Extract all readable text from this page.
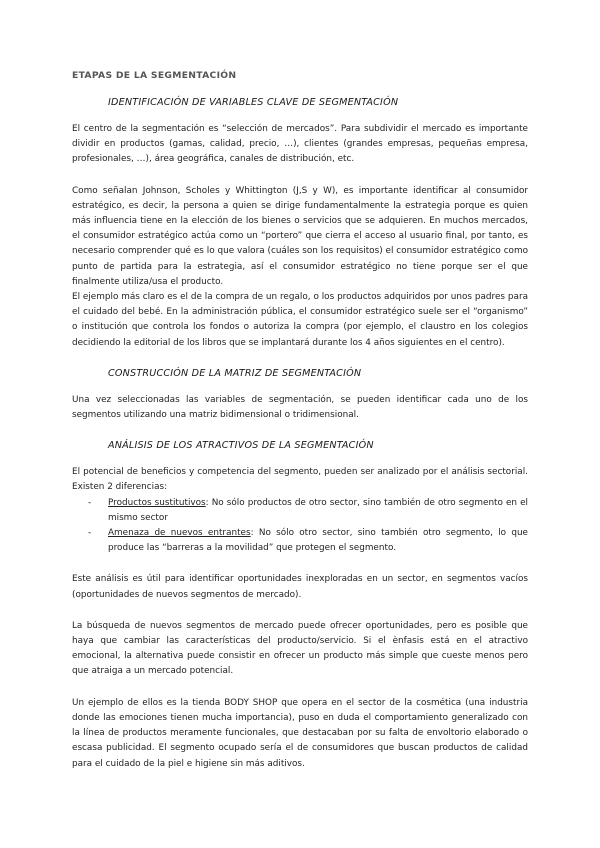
ETAPAS DE LA SEGMENTACIÓN
IDENTIFICACIÓN DE VARIABLES CLAVE DE SEGMENTACIÓN

El centro de la segmentación es “selección de mercados”. Para subdividir el mercado es importante dividir en productos (gamas, calidad, precio, …), clientes (grandes empresas, pequeñas empresa, profesionales, …), área geográfica, canales de distribución, etc.

Como señalan Johnson, Scholes y Whittington (J,S y W), es importante identificar al consumidor estratégico, es decir, la persona a quien se dirige fundamentalmente la estrategia porque es quien más influencia tiene en la elección de los bienes o servicios que se adquieren. En muchos mercados, el consumidor estratégico actúa como un “portero” que cierra el acceso al usuario final, por tanto, es necesario comprender qué es lo que valora (cuáles son los requisitos) el consumidor estratégico como punto de partida para la estrategia, así el consumidor estratégico no tiene porque ser el que finalmente utiliza/usa el producto.

El ejemplo más claro es el de la compra de un regalo, o los productos adquiridos por unos padres para el cuidado del bebé. En la administración pública, el consumidor estratégico suele ser el “organismo” o institución que controla los fondos o autoriza la compra (por ejemplo, el claustro en los colegios decidiendo la editorial de los libros que se implantará durante los 4 años siguientes en el centro).

CONSTRUCCIÓN DE LA MATRIZ DE SEGMENTACIÓN

Una vez seleccionadas las variables de segmentación, se pueden identificar cada uno de los segmentos utilizando una matriz bidimensional o tridimensional.

ANÁLISIS DE LOS ATRACTIVOS DE LA SEGMENTACIÓN

El potencial de beneficios y competencia del segmento, pueden ser analizado por el análisis sectorial. Existen 2 diferencias:

- Productos sustitutivos: No sólo productos de otro sector, sino también de otro segmento en el mismo sector
- Amenaza de nuevos entrantes: No sólo otro sector, sino también otro segmento, lo que produce las “barreras a la movilidad” que protegen el segmento.

Este análisis es útil para identificar oportunidades inexploradas en un sector, en segmentos vacíos (oportunidades de nuevos segmentos de mercado).

La búsqueda de nuevos segmentos de mercado puede ofrecer oportunidades, pero es posible que haya que cambiar las características del producto/servicio. Si el ènfasis está en el atractivo emocional, la alternativa puede consistir en ofrecer un producto más simple que cueste menos pero que atraiga a un mercado potencial.

Un ejemplo de ellos es la tienda BODY SHOP que opera en el sector de la cosmética (una industria donde las emociones tienen mucha importancia), puso en duda el comportamiento generalizado con la línea de productos meramente funcionales, que destacaban por su falta de envoltorio elaborado o escasa publicidad. El segmento ocupado sería el de consumidores que buscan productos de calidad para el cuidado de la piel e higiene sin más aditivos.
